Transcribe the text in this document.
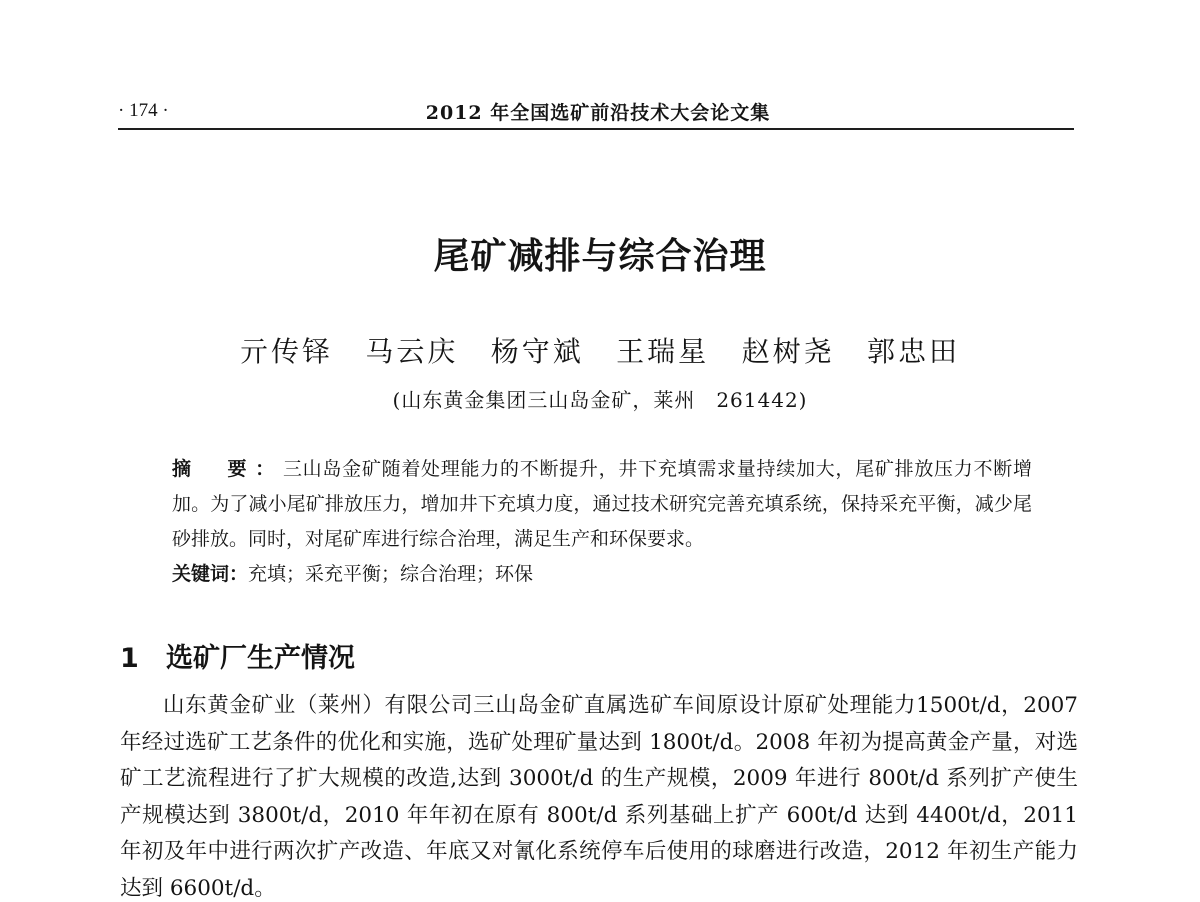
· 174 ·	2012 年全国选矿前沿技术大会论文集
尾矿减排与综合治理
亓传铎 马云庆 杨守斌 王瑞星 赵树尧 郭忠田
(山东黄金集团三山岛金矿，莱州　261442)
摘　要：三山岛金矿随着处理能力的不断提升，井下充填需求量持续加大，尾矿排放压力不断增加。为了减小尾矿排放压力，增加井下充填力度，通过技术研究完善充填系统，保持采充平衡，减少尾砂排放。同时，对尾矿库进行综合治理，满足生产和环保要求。
关键词：充填；采充平衡；综合治理；环保
1 选矿厂生产情况
山东黄金矿业（莱州）有限公司三山岛金矿直属选矿车间原设计原矿处理能力1500t/d，2007 年经过选矿工艺条件的优化和实施，选矿处理矿量达到 1800t/d。2008 年初为提高黄金产量，对选矿工艺流程进行了扩大规模的改造,达到 3000t/d 的生产规模，2009 年进行 800t/d 系列扩产使生产规模达到 3800t/d，2010 年年初在原有 800t/d 系列基础上扩产 600t/d 达到 4400t/d，2011 年初及年中进行两次扩产改造、年底又对氰化系统停车后使用的球磨进行改造，2012 年初生产能力达到 6600t/d。
